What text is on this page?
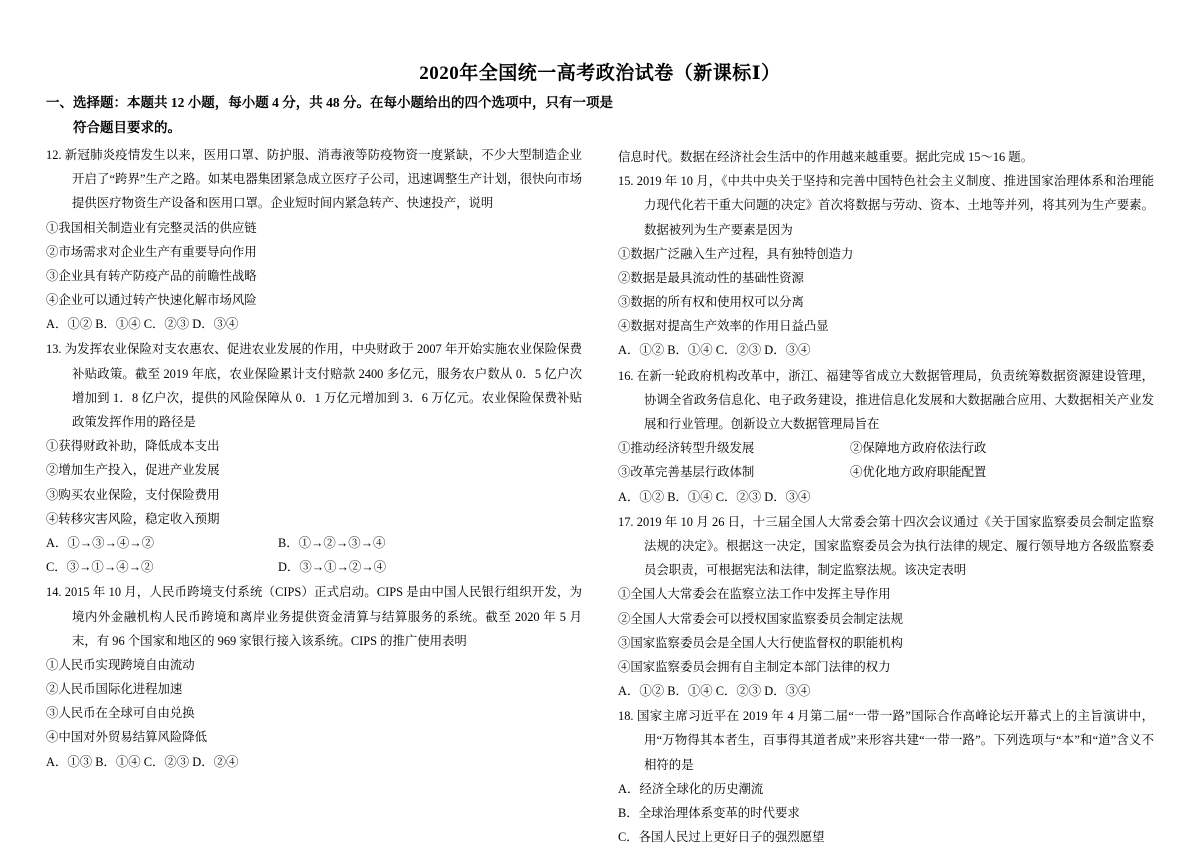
2020年全国统一高考政治试卷（新课标Ⅰ）
一、选择题：本题共 12 小题，每小题 4 分，共 48 分。在每小题给出的四个选项中，只有一项是
符合题目要求的。

12. 新冠肺炎疫情发生以来，医用口罩、防护服、消毒液等防疫物资一度紧缺，不少大型制造企业开启了“跨界”生产之路。如某电器集团紧急成立医疗子公司，迅速调整生产计划，很快向市场提供医疗物资生产设备和医用口罩。企业短时间内紧急转产、快速投产，说明

①我国相关制造业有完整灵活的供应链
②市场需求对企业生产有重要导向作用
③企业具有转产防疫产品的前瞻性战略
④企业可以通过转产快速化解市场风险
A．①② B．①④ C．②③ D．③④

13. 为发挥农业保险对支农惠农、促进农业发展的作用，中央财政于 2007 年开始实施农业保险保费补贴政策。截至 2019 年底，农业保险累计支付赔款 2400 多亿元，服务农户数从 0．5 亿户次增加到 1．8 亿户次，提供的风险保障从 0．1 万亿元增加到 3．6 万亿元。农业保险保费补贴政策发挥作用的路径是

①获得财政补助，降低成本支出
②增加生产投入，促进产业发展
③购买农业保险，支付保险费用
④转移灾害风险，稳定收入预期
A．①→③→④→②	B．①→②→③→④
C．③→①→④→②	D．③→①→②→④

14. 2015 年 10 月，人民币跨境支付系统（CIPS）正式启动。CIPS 是由中国人民银行组织开发，为境内外金融机构人民币跨境和离岸业务提供资金清算与结算服务的系统。截至 2020 年 5 月末，有 96 个国家和地区的 969 家银行接入该系统。CIPS 的推广使用表明

①人民币实现跨境自由流动
②人民币国际化进程加速
③人民币在全球可自由兑换
④中国对外贸易结算风险降低
A．①③ B．①④ C．②③ D．②④

信息时代。数据在经济社会生活中的作用越来越重要。据此完成 15～16 题。

15. 2019 年 10 月，《中共中央关于坚持和完善中国特色社会主义制度、推进国家治理体系和治理能力现代化若干重大问题的决定》首次将数据与劳动、资本、土地等并列，将其列为生产要素。数据被列为生产要素是因为

①数据广泛融入生产过程，具有独特创造力
②数据是最具流动性的基础性资源
③数据的所有权和使用权可以分离
④数据对提高生产效率的作用日益凸显
A．①② B．①④ C．②③ D．③④

16. 在新一轮政府机构改革中，浙江、福建等省成立大数据管理局，负责统筹数据资源建设管理，协调全省政务信息化、电子政务建设，推进信息化发展和大数据融合应用、大数据相关产业发展和行业管理。创新设立大数据管理局旨在

①推动经济转型升级发展	②保障地方政府依法行政
③改革完善基层行政体制	④优化地方政府职能配置
A．①② B．①④ C．②③ D．③④

17. 2019 年 10 月 26 日，十三届全国人大常委会第十四次会议通过《关于国家监察委员会制定监察法规的决定》。根据这一决定，国家监察委员会为执行法律的规定、履行领导地方各级监察委员会职责，可根据宪法和法律，制定监察法规。该决定表明

①全国人大常委会在监察立法工作中发挥主导作用
②全国人大常委会可以授权国家监察委员会制定法规
③国家监察委员会是全国人大行使监督权的职能机构
④国家监察委员会拥有自主制定本部门法律的权力
A．①② B．①④ C．②③ D．③④

18. 国家主席习近平在 2019 年 4 月第二届“一带一路”国际合作高峰论坛开幕式上的主旨演讲中，用“万物得其本者生，百事得其道者成”来形容共建“一带一路”。下列选项与“本”和“道”含义不相符的是

A．经济全球化的历史潮流
B．全球治理体系变革的时代要求
C．各国人民过上更好日子的强烈愿望
